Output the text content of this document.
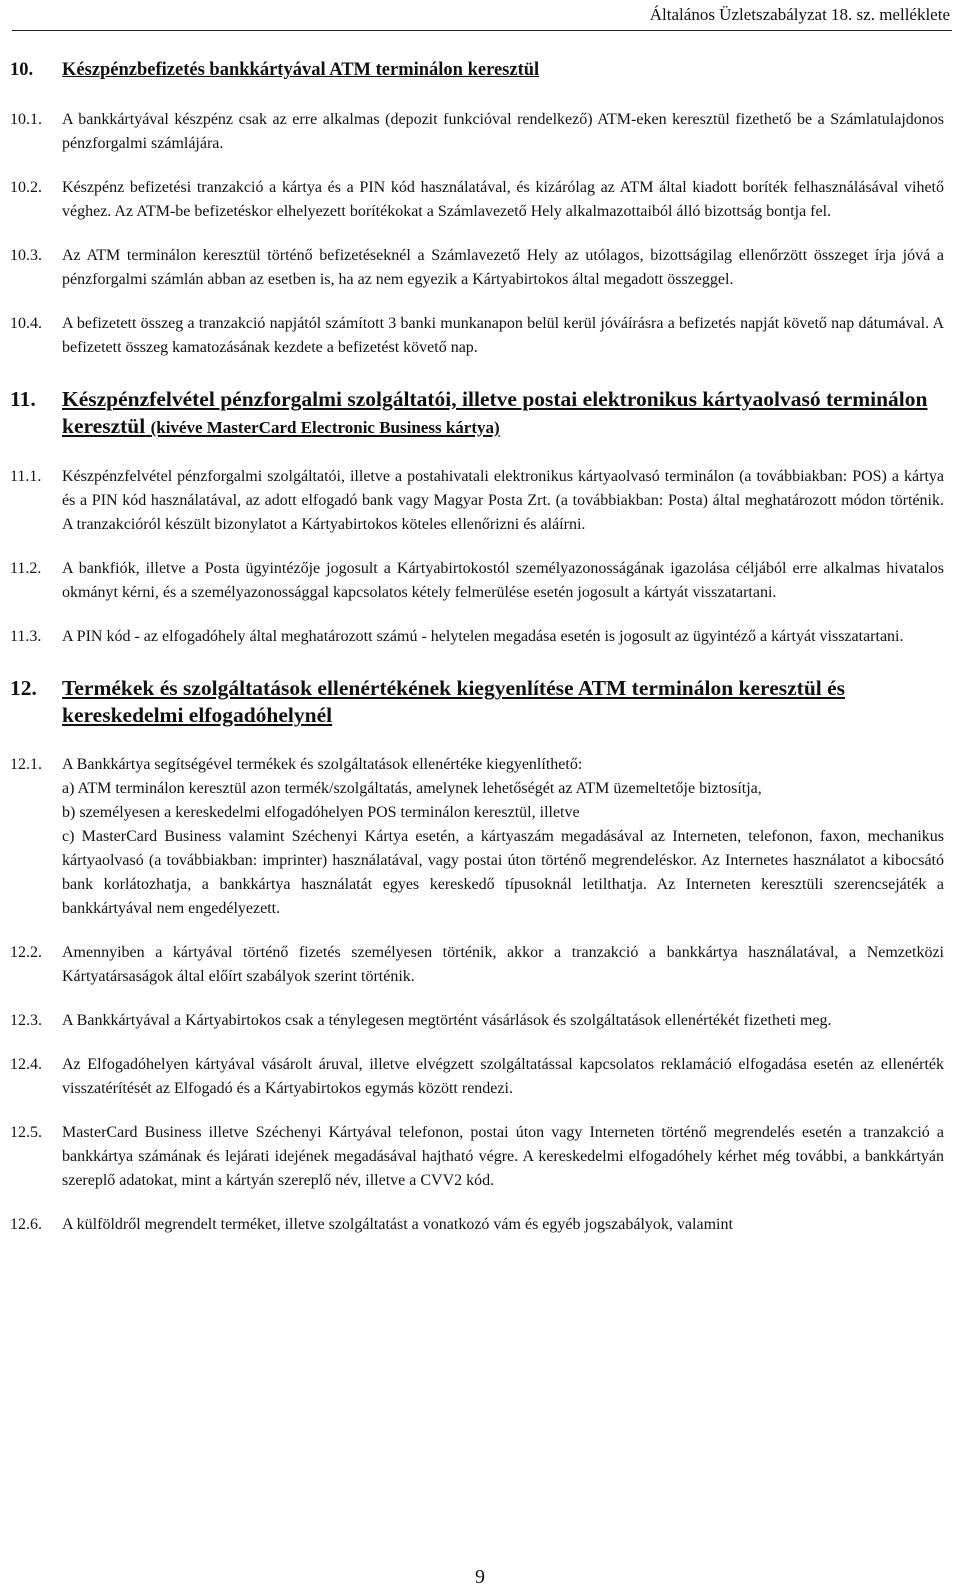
Általános Üzletszabályzat 18. sz. melléklete
10.	Készpénzbefizetés bankkártyával ATM terminálon keresztül
10.1.	A bankkártyával készpénz csak az erre alkalmas (depozit funkcióval rendelkező) ATM-eken keresztül fizethető be a Számlatulajdonos pénzforgalmi számlájára.
10.2.	Készpénz befizetési tranzakció a kártya és a PIN kód használatával, és kizárólag az ATM által kiadott boríték felhasználásával vihető véghez. Az ATM-be befizetéskor elhelyezett borítékokat a Számlavezető Hely alkalmazottaiból álló bizottság bontja fel.
10.3.	Az ATM terminálon keresztül történő befizetéseknél a Számlavezető Hely az utólagos, bizottságilag ellenőrzött összeget írja jóvá a pénzforgalmi számlán abban az esetben is, ha az nem egyezik a Kártyabirtokos által megadott összeggel.
10.4.	A befizetett összeg a tranzakció napjától számított 3 banki munkanapon belül kerül jóváírásra a befizetés napját követő nap dátumával. A befizetett összeg kamatozásának kezdete a befizetést követő nap.
11.	Készpénzfelvétel pénzforgalmi szolgáltatói, illetve postai elektronikus kártyaolvasó terminálon keresztül (kivéve MasterCard Electronic Business kártya)
11.1.	Készpénzfelvétel pénzforgalmi szolgáltatói, illetve a postahivatali elektronikus kártyaolvasó terminálon (a továbbiakban: POS) a kártya és a PIN kód használatával, az adott elfogadó bank vagy Magyar Posta Zrt. (a továbbiakban: Posta) által meghatározott módon történik. A tranzakcióról készült bizonylatot a Kártyabirtokos köteles ellenőrizni és aláírni.
11.2.	A bankfiók, illetve a Posta ügyintézője jogosult a Kártyabirtokostól személyazonosságának igazolása céljából erre alkalmas hivatalos okmányt kérni, és a személyazonossággal kapcsolatos kétely felmerülése esetén jogosult a kártyát visszatartani.
11.3.	A PIN kód - az elfogadóhely által meghatározott számú - helytelen megadása esetén is jogosult az ügyintéző a kártyát visszatartani.
12.	Termékek és szolgáltatások ellenértékének kiegyenlítése ATM terminálon keresztül és kereskedelmi elfogadóhelynél
12.1.	A Bankkártya segítségével termékek és szolgáltatások ellenértéke kiegyenlíthető:
a) ATM terminálon keresztül azon termék/szolgáltatás, amelynek lehetőségét az ATM üzemeltetője biztosítja,
b) személyesen a kereskedelmi elfogadóhelyen POS terminálon keresztül, illetve
c) MasterCard Business valamint Széchenyi Kártya esetén, a kártyaszám megadásával az Interneten, telefonon, faxon, mechanikus kártyaolvasó (a továbbiakban: imprinter) használatával, vagy postai úton történő megrendeléskor. Az Internetes használatot a kibocsátó bank korlátozhatja, a bankkártya használatát egyes kereskedő típusoknál letilthatja. Az Interneten keresztüli szerencsejáték a bankkártyával nem engedélyezett.
12.2.	Amennyiben a kártyával történő fizetés személyesen történik, akkor a tranzakció a bankkártya használatával, a Nemzetközi Kártyatársaságok által előírt szabályok szerint történik.
12.3.	A Bankkártyával a Kártyabirtokos csak a ténylegesen megtörtént vásárlások és szolgáltatások ellenértékét fizetheti meg.
12.4.	Az Elfogadóhelyen kártyával vásárolt áruval, illetve elvégzett szolgáltatással kapcsolatos reklamáció elfogadása esetén az ellenérték visszatérítését az Elfogadó és a Kártyabirtokos egymás között rendezi.
12.5.	MasterCard Business illetve Széchenyi Kártyával telefonon, postai úton vagy Interneten történő megrendelés esetén a tranzakció a bankkártya számának és lejárati idejének megadásával hajtható végre. A kereskedelmi elfogadóhely kérhet még további, a bankkártyán szereplő adatokat, mint a kártyán szereplő név, illetve a CVV2 kód.
12.6.	A külföldről megrendelt terméket, illetve szolgáltatást a vonatkozó vám és egyéb jogszabályok, valamint
9
